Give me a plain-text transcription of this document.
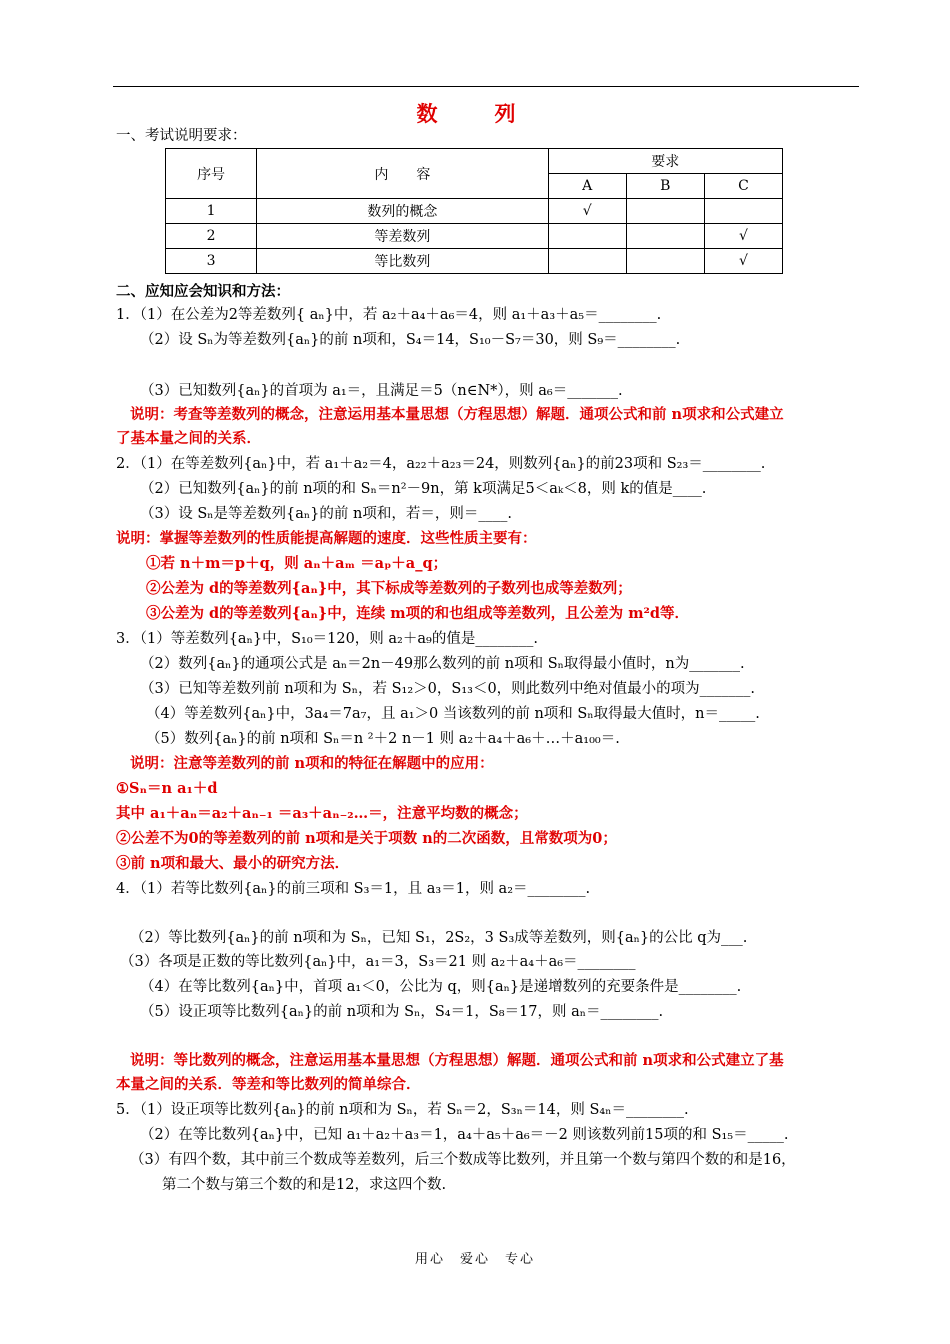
数　列
一、考试说明要求：
序号	内　　容	要求		
		A	B	C
1	数列的概念	√		
2	等差数列			√
3	等比数列			√
二、应知应会知识和方法：
1．（1）在公差为2等差数列{ aₙ}中，若 a₂＋a₄＋a₆＝4，则 a₁＋a₃＋a₅＝________.
（2）设 Sₙ为等差数列{aₙ}的前 n项和，S₄＝14，S₁₀－S₇＝30，则 S₉＝________.
（3）已知数列{aₙ}的首项为 a₁＝，且满足＝5（n∈N*），则 a₆＝_______.
说明：考查等差数列的概念，注意运用基本量思想（方程思想）解题．通项公式和前 n项求和公式建立
了基本量之间的关系．
2．（1）在等差数列{aₙ}中，若 a₁＋a₂＝4，a₂₂＋a₂₃＝24，则数列{aₙ}的前23项和 S₂₃＝________.
（2）已知数列{aₙ}的前 n项的和 Sₙ＝n²－9n，第 k项满足5＜aₖ＜8，则 k的值是____.
（3）设 Sₙ是等差数列{aₙ}的前 n项和，若＝，则＝____.
说明：掌握等差数列的性质能提高解题的速度．这些性质主要有：
①若 n＋m＝p＋q，则 aₙ＋aₘ ＝aₚ＋a_q；
②公差为 d的等差数列{aₙ}中，其下标成等差数列的子数列也成等差数列；
③公差为 d的等差数列{aₙ}中，连续 m项的和也组成等差数列，且公差为 m²d等．
3．（1）等差数列{aₙ}中，S₁₀＝120，则 a₂＋a₉的值是________.
（2）数列{aₙ}的通项公式是 aₙ＝2n－49那么数列的前 n项和 Sₙ取得最小值时，n为_______.
（3）已知等差数列前 n项和为 Sₙ，若 S₁₂＞0，S₁₃＜0，则此数列中绝对值最小的项为_______.
（4）等差数列{aₙ}中，3a₄＝7a₇，且 a₁＞0 当该数列的前 n项和 Sₙ取得最大值时，n＝_____.
（5）数列{aₙ}的前 n项和 Sₙ＝n ²＋2 n－1 则 a₂＋a₄＋a₆＋…＋a₁₀₀＝.
说明：注意等差数列的前 n项和的特征在解题中的应用：
①Sₙ＝n a₁＋d
其中 a₁＋aₙ＝a₂＋aₙ₋₁ ＝a₃＋aₙ₋₂…＝，注意平均数的概念；
②公差不为0的等差数列的前 n项和是关于项数 n的二次函数，且常数项为0；
③前 n项和最大、最小的研究方法．
4．（1）若等比数列{aₙ}的前三项和 S₃＝1，且 a₃＝1，则 a₂＝________.
（2）等比数列{aₙ}的前 n项和为 Sₙ，已知 S₁，2S₂，3 S₃成等差数列，则{aₙ}的公比 q为___.
（3）各项是正数的等比数列{aₙ}中，a₁＝3，S₃＝21 则 a₂＋a₄＋a₆＝________
（4）在等比数列{aₙ}中，首项 a₁＜0，公比为 q，则{aₙ}是递增数列的充要条件是________.
（5）设正项等比数列{aₙ}的前 n项和为 Sₙ，S₄＝1，S₈＝17，则 aₙ＝________.
说明：等比数列的概念，注意运用基本量思想（方程思想）解题．通项公式和前 n项求和公式建立了基
本量之间的关系．等差和等比数列的简单综合．
5．（1）设正项等比数列{aₙ}的前 n项和为 Sₙ，若 Sₙ＝2，S₃ₙ＝14，则 S₄ₙ＝________.
（2）在等比数列{aₙ}中，已知 a₁＋a₂＋a₃＝1，a₄＋a₅＋a₆＝－2 则该数列前15项的和 S₁₅＝_____.
（3）有四个数，其中前三个数成等差数列，后三个数成等比数列，并且第一个数与第四个数的和是16，
第二个数与第三个数的和是12，求这四个数.
用心　爱心　专心
